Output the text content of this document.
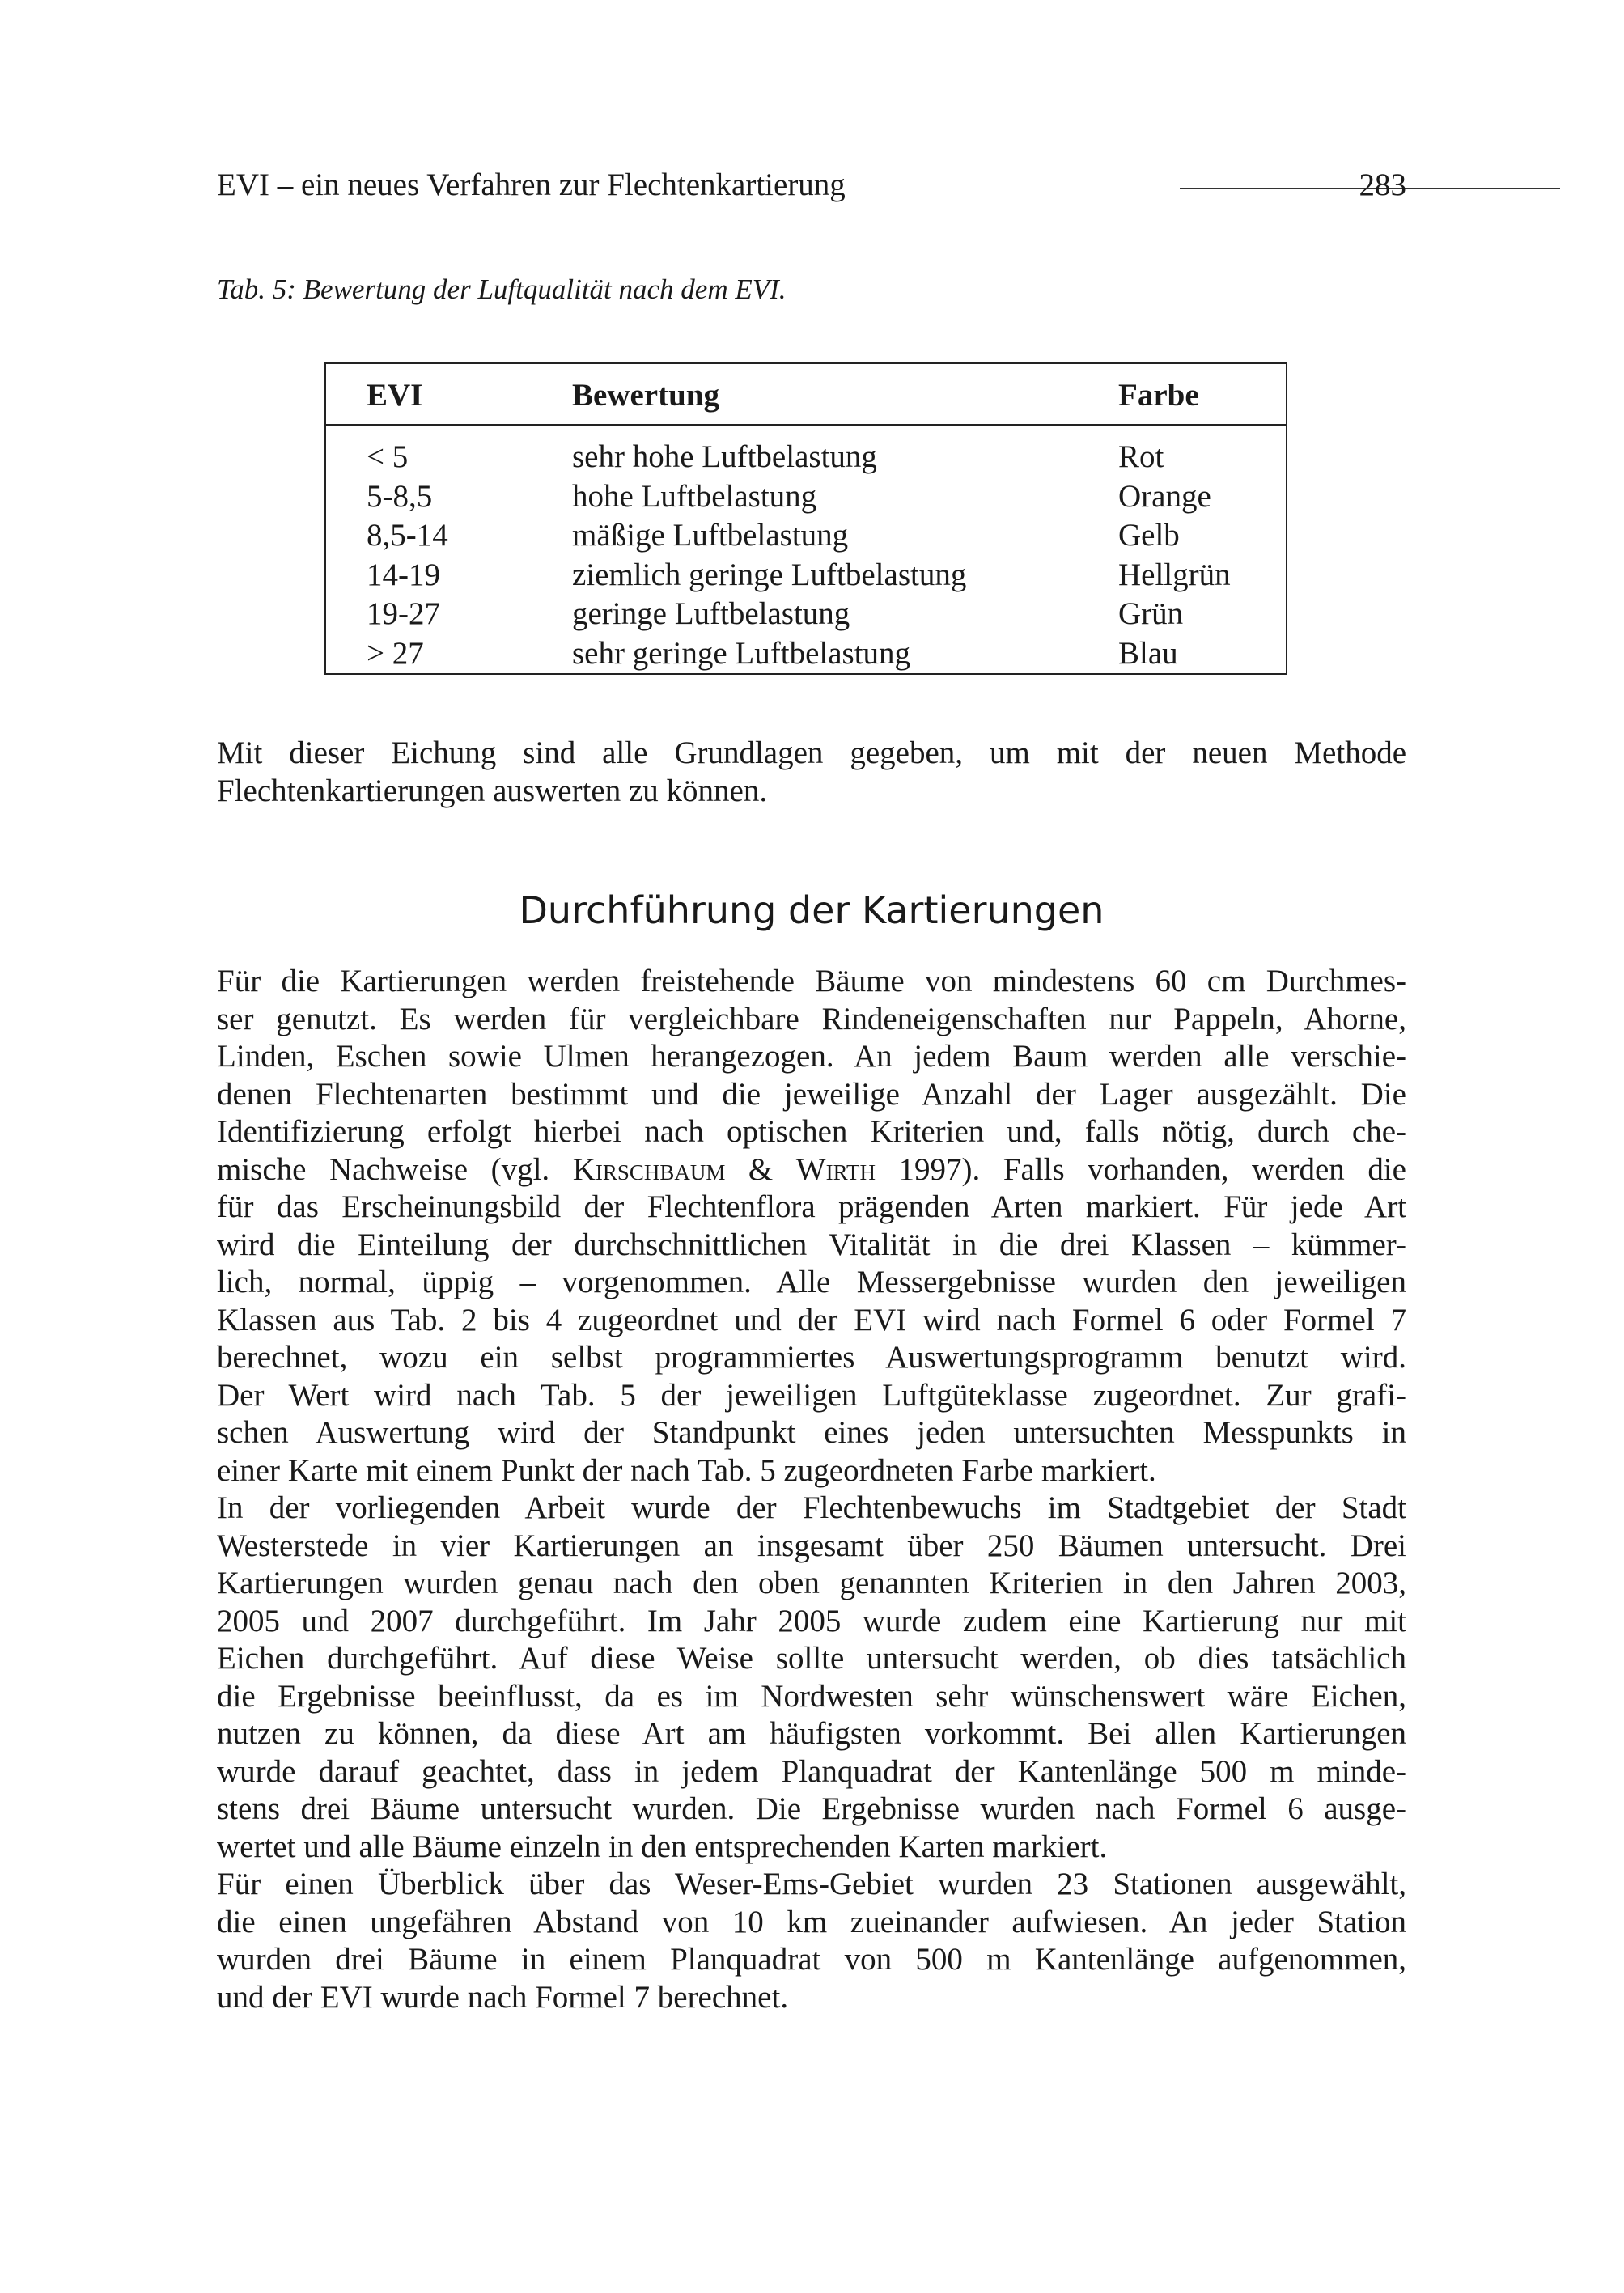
EVI – ein neues Verfahren zur Flechtenkartierung	283
Tab. 5: Bewertung der Luftqualität nach dem EVI.
EVI	Bewertung	Farbe
< 5	sehr hohe Luftbelastung	Rot
5-8,5	hohe Luftbelastung	Orange
8,5-14	mäßige Luftbelastung	Gelb
14-19	ziemlich geringe Luftbelastung	Hellgrün
19-27	geringe Luftbelastung	Grün
> 27	sehr geringe Luftbelastung	Blau
Mit dieser Eichung sind alle Grundlagen gegeben, um mit der neuen Methode
Flechtenkartierungen auswerten zu können.
Durchführung der Kartierungen
Für die Kartierungen werden freistehende Bäume von mindestens 60 cm Durchmes-
ser genutzt. Es werden für vergleichbare Rindeneigenschaften nur Pappeln, Ahorne,
Linden, Eschen sowie Ulmen herangezogen. An jedem Baum werden alle verschie-
denen Flechtenarten bestimmt und die jeweilige Anzahl der Lager ausgezählt. Die
Identifizierung erfolgt hierbei nach optischen Kriterien und, falls nötig, durch che-
mische Nachweise (vgl. Kirschbaum & Wirth 1997). Falls vorhanden, werden die
für das Erscheinungsbild der Flechtenflora prägenden Arten markiert. Für jede Art
wird die Einteilung der durchschnittlichen Vitalität in die drei Klassen – kümmer-
lich, normal, üppig – vorgenommen. Alle Messergebnisse wurden den jeweiligen
Klassen aus Tab. 2 bis 4 zugeordnet und der EVI wird nach Formel 6 oder Formel 7
berechnet, wozu ein selbst programmiertes Auswertungsprogramm benutzt wird.
Der Wert wird nach Tab. 5 der jeweiligen Luftgüteklasse zugeordnet. Zur grafi-
schen Auswertung wird der Standpunkt eines jeden untersuchten Messpunkts in
einer Karte mit einem Punkt der nach Tab. 5 zugeordneten Farbe markiert.
In der vorliegenden Arbeit wurde der Flechtenbewuchs im Stadtgebiet der Stadt
Westerstede in vier Kartierungen an insgesamt über 250 Bäumen untersucht. Drei
Kartierungen wurden genau nach den oben genannten Kriterien in den Jahren 2003,
2005 und 2007 durchgeführt. Im Jahr 2005 wurde zudem eine Kartierung nur mit
Eichen durchgeführt. Auf diese Weise sollte untersucht werden, ob dies tatsächlich
die Ergebnisse beeinflusst, da es im Nordwesten sehr wünschenswert wäre Eichen,
nutzen zu können, da diese Art am häufigsten vorkommt. Bei allen Kartierungen
wurde darauf geachtet, dass in jedem Planquadrat der Kantenlänge 500 m minde-
stens drei Bäume untersucht wurden. Die Ergebnisse wurden nach Formel 6 ausge-
wertet und alle Bäume einzeln in den entsprechenden Karten markiert.
Für einen Überblick über das Weser-Ems-Gebiet wurden 23 Stationen ausgewählt,
die einen ungefähren Abstand von 10 km zueinander aufwiesen. An jeder Station
wurden drei Bäume in einem Planquadrat von 500 m Kantenlänge aufgenommen,
und der EVI wurde nach Formel 7 berechnet.
